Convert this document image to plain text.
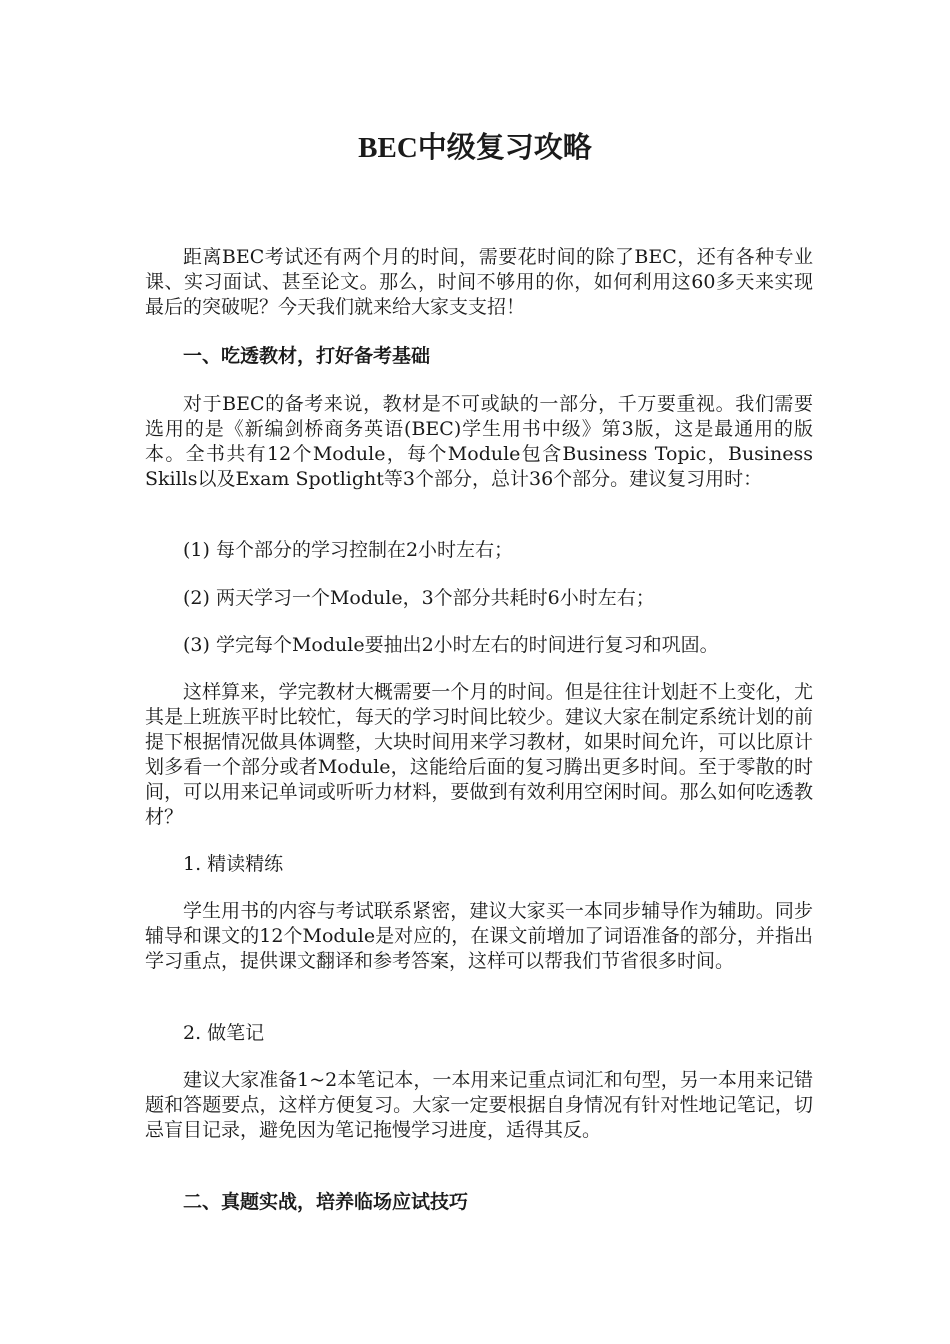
BEC中级复习攻略

距离BEC考试还有两个月的时间，需要花时间的除了BEC，还有各种专业课、实习面试、甚至论文。那么，时间不够用的你，如何利用这60多天来实现最后的突破呢？今天我们就来给大家支支招！

一、吃透教材，打好备考基础

对于BEC的备考来说，教材是不可或缺的一部分，千万要重视。我们需要选用的是《新编剑桥商务英语(BEC)学生用书中级》第3版，这是最通用的版本。全书共有12个Module，每个Module包含Business Topic，Business Skills以及Exam Spotlight等3个部分，总计36个部分。建议复习用时：

(1) 每个部分的学习控制在2小时左右；

(2) 两天学习一个Module，3个部分共耗时6小时左右；

(3) 学完每个Module要抽出2小时左右的时间进行复习和巩固。

这样算来，学完教材大概需要一个月的时间。但是往往计划赶不上变化，尤其是上班族平时比较忙，每天的学习时间比较少。建议大家在制定系统计划的前提下根据情况做具体调整，大块时间用来学习教材，如果时间允许，可以比原计划多看一个部分或者Module，这能给后面的复习腾出更多时间。至于零散的时间，可以用来记单词或听听力材料，要做到有效利用空闲时间。那么如何吃透教材？

1. 精读精练

学生用书的内容与考试联系紧密，建议大家买一本同步辅导作为辅助。同步辅导和课文的12个Module是对应的，在课文前增加了词语准备的部分，并指出学习重点，提供课文翻译和参考答案，这样可以帮我们节省很多时间。

2. 做笔记

建议大家准备1~2本笔记本，一本用来记重点词汇和句型，另一本用来记错题和答题要点，这样方便复习。大家一定要根据自身情况有针对性地记笔记，切忌盲目记录，避免因为笔记拖慢学习进度，适得其反。

二、真题实战，培养临场应试技巧
